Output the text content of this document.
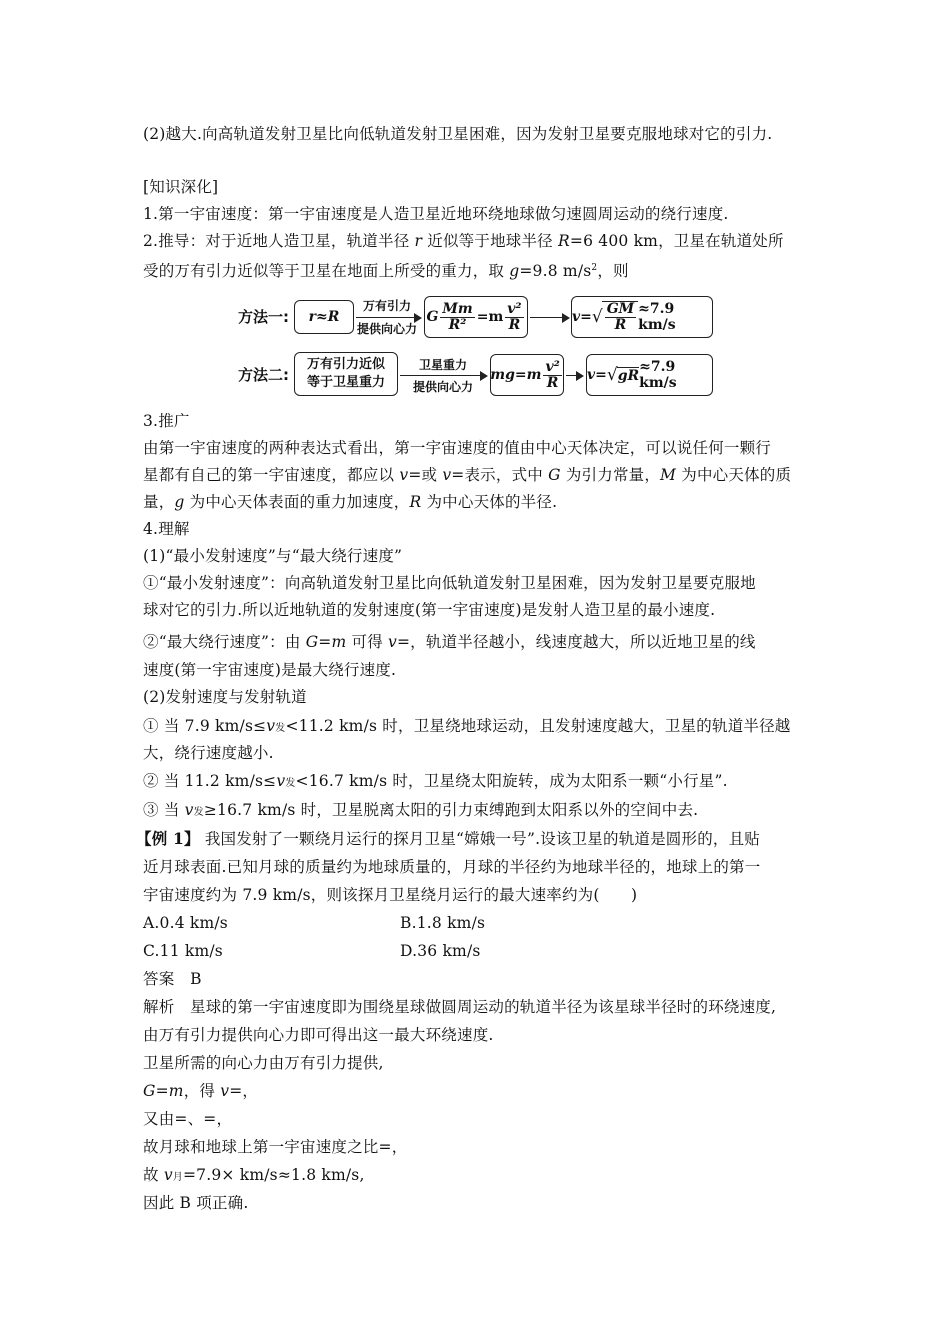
(2)越大.向高轨道发射卫星比向低轨道发射卫星困难，因为发射卫星要克服地球对它的引力.
[知识深化]
1.第一宇宙速度：第一宇宙速度是人造卫星近地环绕地球做匀速圆周运动的绕行速度.
2.推导：对于近地人造卫星，轨道半径 r 近似等于地球半径 R=6 400 km，卫星在轨道处所
受的万有引力近似等于卫星在地面上所受的重力，取 g=9.8 $m/s^2$，则
方法一: r≈R
万有引力
提供向心力
G $\frac{Mm}{\text{R²}} =m \frac{\text{v²}}{R}$	v= √ $\frac{GM}{R} \approx 7.9$ km/s
方法二:
万有引力近似
等于卫星重力
卫星重力
提供向心力
$mg=m \frac{\text{v²}}{R} v=$ √ gR
≈7.9 km/s
3.推广
由第一宇宙速度的两种表达式看出，第一宇宙速度的值由中心天体决定，可以说任何一颗行
星都有自己的第一宇宙速度，都应以 v=或 v=表示，式中 G 为引力常量，M 为中心天体的质
量，g 为中心天体表面的重力加速度，R 为中心天体的半径.
4.理解
(1)“最小发射速度”与“最大绕行速度”
①“最小发射速度”：向高轨道发射卫星比向低轨道发射卫星困难，因为发射卫星要克服地
球对它的引力.所以近地轨道的发射速度(第一宇宙速度)是发射人造卫星的最小速度.
②“最大绕行速度”：由 G=m 可得 v=，轨道半径越小，线速度越大，所以近地卫星的线
速度(第一宇宙速度)是最大绕行速度.
(2)发射速度与发射轨道
① 当 7.9 km/s≤v发<11.2 km/s 时，卫星绕地球运动，且发射速度越大，卫星的轨道半径越
大，绕行速度越小.
② 当 11.2 km/s≤v发<16.7 km/s 时，卫星绕太阳旋转，成为太阳系一颗“小行星”.
③ 当 v发≥16.7 km/s 时，卫星脱离太阳的引力束缚跑到太阳系以外的空间中去.
【例 1】 我国发射了一颗绕月运行的探月卫星“嫦娥一号”.设该卫星的轨道是圆形的，且贴
近月球表面.已知月球的质量约为地球质量的，月球的半径约为地球半径的，地球上的第一
宇宙速度约为 7.9 km/s，则该探月卫星绕月运行的最大速率约为(　　)
A.0.4 km/s	B.1.8 km/s
C.11 km/s	D.36 km/s
答案　B
解析　星球的第一宇宙速度即为围绕星球做圆周运动的轨道半径为该星球半径时的环绕速度,
由万有引力提供向心力即可得出这一最大环绕速度.
卫星所需的向心力由万有引力提供,
G=m，得 v=，
又由=、=，
故月球和地球上第一宇宙速度之比=，
故 v月=7.9× km/s≈1.8 km/s,
因此 B 项正确.
